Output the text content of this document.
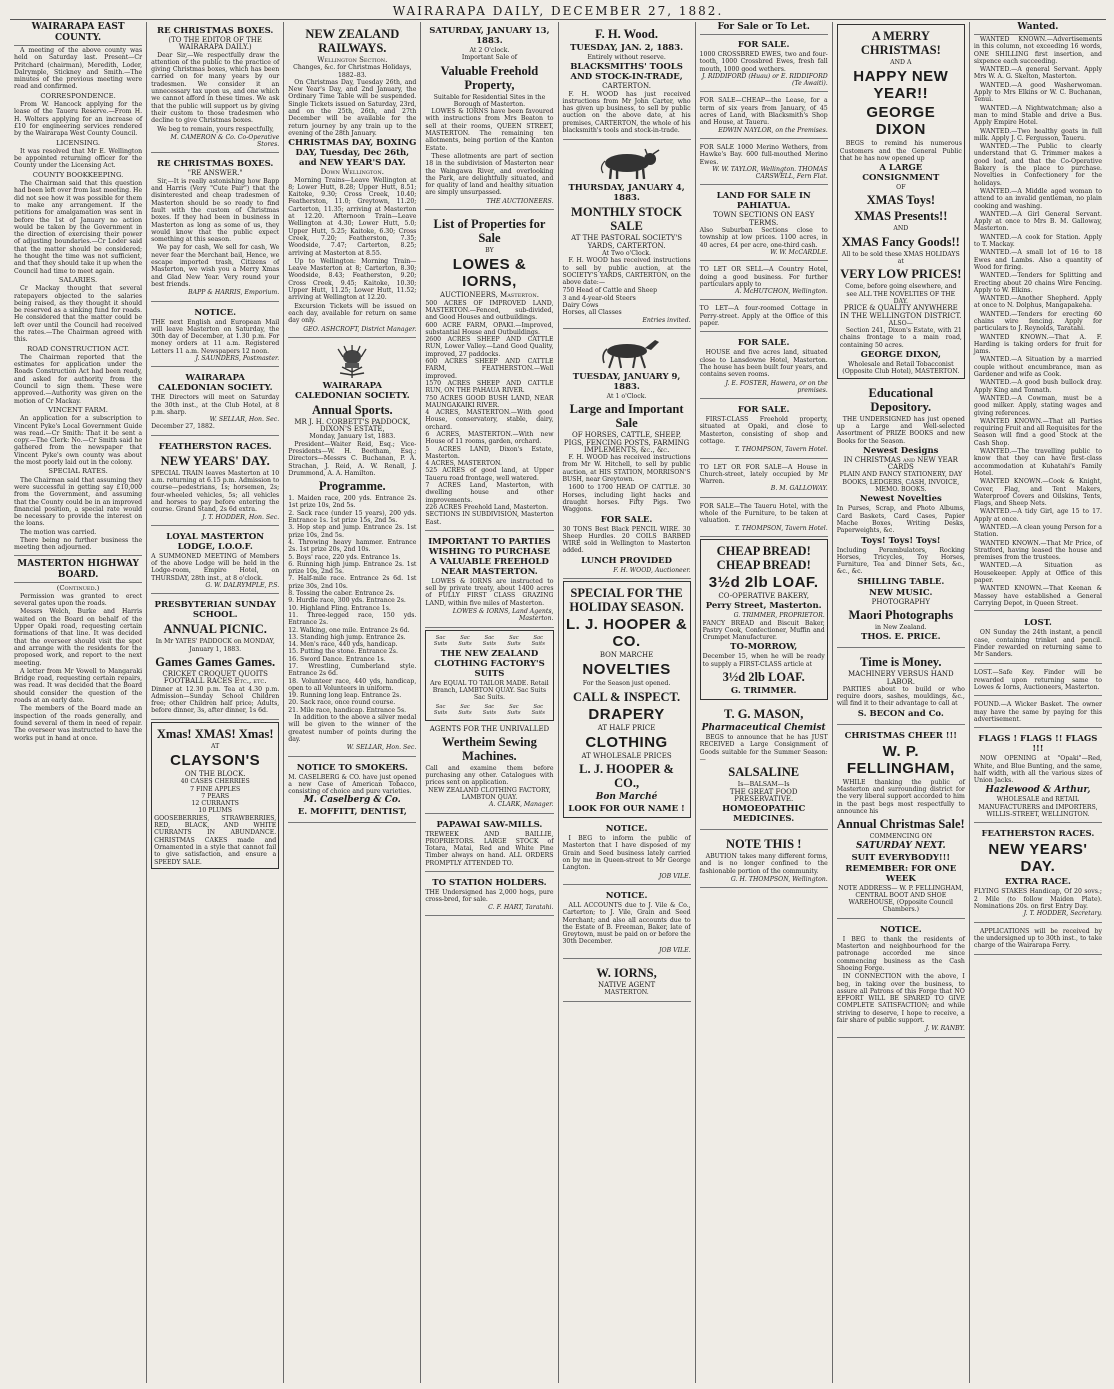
WAIRARAPA DAILY, DECEMBER 27, 1882.
WAIRARAPA EAST COUNTY.
A meeting of the above county was held on Saturday last. Present—Cr Pritchard (chairman), Meredith, Loder, Dalrymple, Stickney and Smith.—The minutes of the previous meeting were read and confirmed.
CORRESPONDENCE.
From W. Hancock applying for the lease of the Taueru Reserve.—From H. H. Wolters applying for an increase of £10 for engineering services rendered by the Wairarapa West County Council.
LICENSING.
It was resolved that Mr E. Wellington be appointed returning officer for the County under the Licensing Act.
COUNTY BOOKKEEPING.
The Chairman said that this question had been left over from last meeting. He did not see how it was possible for them to make any arrangement. If the petitions for amalgamation was sent in before the 1st of January no action would be taken by the Government in the direction of exercising their power of adjusting boundaries.—Cr Loder said that the matter should be considered; he thought the time was not sufficient, and that they should take it up when the Council had time to meet again.
SALARIES.
Cr Mackay thought that several ratepayers objected to the salaries being raised, as they thought it should be reserved as a sinking fund for roads. He considered that the matter could be left over until the Council had received the rates.—The Chairman agreed with this.
ROAD CONSTRUCTION ACT.
The Chairman reported that the estimates for application under the Roads Construction Act had been ready, and asked for authority from the Council to sign them. These were approved.—Authority was given on the motion of Cr Mackay.
VINCENT FARM.
An application for a subscription to Vincent Pyke's Local Government Guide was read.—Cr Smith: That it be sent a copy.—The Clerk: No.—Cr Smith said he gathered from the newspaper that Vincent Pyke's own county was about the most poorly laid out in the colony.
SPECIAL RATES.
The Chairman said that assuming they were successful in getting say £10,000 from the Government, and assuming that the County could be in an improved financial position, a special rate would be necessary to provide the interest on the loans.
The motion was carried.
There being no further business the meeting then adjourned.
MASTERTON HIGHWAY BOARD.
(Continued.)
Permission was granted to erect several gates upon the roads.
Messrs Welch, Burke and Harris waited on the Board on behalf of the Upper Opaki road, requesting certain formations of that line. It was decided that the overseer should visit the spot and arrange with the residents for the proposed work, and report to the next meeting.
A letter from Mr Vowell to Mangaraki Bridge road, requesting certain repairs, was read. It was decided that the Board should consider the question of the roads at an early date.
The members of the Board made an inspection of the roads generally, and found several of them in need of repair. The overseer was instructed to have the works put in hand at once.
RE CHRISTMAS BOXES.
(TO THE EDITOR OF THE WAIRARAPA DAILY.)
Dear Sir,—We respectfully draw the attention of the public to the practice of giving Christmas boxes, which has been carried on for many years by our tradesmen. We consider it an unnecessary tax upon us, and one which we cannot afford in these times. We ask that the public will support us by giving their custom to those tradesmen who decline to give Christmas boxes.
We beg to remain, yours respectfully,
M. CAMERON & Co. Co-Operative Stores.
RE CHRISTMAS BOXES.
"RE ANSWER."
Sir,—It is really astonishing how Bapp and Harris (Very "Cute Pair") that the disinterested and cheap tradesmen of Masterton should be so ready to find fault with the custom of Christmas boxes. If they had been in business in Masterton as long as some of us, they would know that the public expect something at this season.
We pay for cash, We sell for cash, We never fear the Merchant bail, Hence, we escape imported trash, Citizens of Masterton, we wish you a Merry Xmas and Glad New Year. Very round your best friends.
BAPP & HARRIS, Emporium.
NOTICE.
THE next English and European Mail will leave Masterton on Saturday, the 30th day of December, at 1.30 p.m. For money orders at 11 a.m. Registered Letters 11 a.m. Newspapers 12 noon.
J. SAUNDERS, Postmaster.
WAIRARAPA CALEDONIAN SOCIETY.
THE Directors will meet on Saturday the 30th inst., at the Club Hotel, at 8 p.m. sharp.
W. SELLAR, Hon. Sec.
December 27, 1882.
FEATHERSTON RACES.
NEW YEARS' DAY.
SPECIAL TRAIN leaves Masterton at 10 a.m. returning at 6.15 p.m. Admission to course—pedestrians, 1s; horsemen, 2s; four-wheeled vehicles, 5s; all vehicles and horses to pay before entering the course. Grand Stand, 2s 6d extra.
J. T. HODDER, Hon. Sec.
LOYAL MASTERTON LODGE, I.O.O.F.
A SUMMONED MEETING of Members of the above Lodge will be held in the Lodge-room, Empire Hotel, on THURSDAY, 28th inst., at 8 o'clock.
G. W. DALRYMPLE, P.S.
PRESBYTERIAN SUNDAY SCHOOL.
ANNUAL PICNIC.
In Mr YATES' PADDOCK on MONDAY, January 1, 1883.
Games Games Games.
CRICKET CROQUET QUOITS FOOTBALL RACES Etc., etc.
Dinner at 12.30 p.m. Tea at 4.30 p.m. Admission—Sunday School Children free; other Children half price; Adults, before dinner, 3s, after dinner, 1s 6d.
Xmas! XMAS! Xmas!
AT
CLAYSON'S
ON THE BLOCK.
40 CASES CHERRIES
7 FINE APPLES
7 PEARS
12 CURRANTS
10 PLUMS
GOOSEBERRIES, STRAWBERRIES, RED, BLACK, AND WHITE CURRANTS IN ABUNDANCE. CHRISTMAS CAKES made and Ornamented in a style that cannot fail to give satisfaction, and ensure a SPEEDY SALE.
NEW ZEALAND RAILWAYS.
Wellington Section.
Changes, &c. for Christmas Holidays, 1882–83.
On Christmas Day, Tuesday 26th, and New Year's Day, and 2nd January, the Ordinary Time Table will be suspended. Single Tickets issued on Saturday, 23rd, and on the 25th, 26th, and 27th December will be available for the return journey by any train up to the evening of the 28th January.
CHRISTMAS DAY, BOXING DAY, Tuesday, Dec 26th, and NEW YEAR'S DAY.
Down Wellington.
Morning Trains—Leave Wellington at 8; Lower Hutt, 8.28; Upper Hutt, 8.51; Kaitoke, 9.30; Cross Creek, 10.40; Featherston, 11.0; Greytown, 11.20; Carterton, 11.35; arriving at Masterton at 12.20. Afternoon Train—Leave Wellington at 4.30; Lower Hutt, 5.0; Upper Hutt, 5.25; Kaitoke, 6.30; Cross Creek, 7.20; Featherston, 7.35; Woodside, 7.47; Carterton, 8.25; arriving at Masterton at 8.55.
Up to Wellington: Morning Train—Leave Masterton at 8; Carterton, 8.30; Woodside, 8.43; Featherston, 9.20; Cross Creek, 9.45; Kaitoke, 10.30; Upper Hutt, 11.25; Lower Hutt, 11.52; arriving at Wellington at 12.20.
Excursion Tickets will be issued on each day, available for return on same day only.
GEO. ASHCROFT, District Manager.
WAIRARAPA CALEDONIAN SOCIETY.
Annual Sports.
MR J. H. CORBETT'S PADDOCK, DIXON'S ESTATE,
Monday, January 1st, 1883.
President—Waiter Reid, Esq.; Vice-Presidents—W. H. Beetham, Esq.; Directors—Messrs C. Buchanan, P. A. Strachan, J. Reid, A. W. Renall, J. Drummond, A. A. Hamilton.
Programme.
1. Maiden race, 200 yds. Entrance 2s. 1st prize 10s, 2nd 5s.
2. Sack race (under 15 years), 200 yds. Entrance 1s. 1st prize 15s, 2nd 5s.
3. Hop step and jump. Entrance 2s. 1st prize 10s, 2nd 5s.
4. Throwing heavy hammer. Entrance 2s. 1st prize 20s, 2nd 10s.
5. Boys' race, 220 yds. Entrance 1s.
6. Running high jump. Entrance 2s. 1st prize 10s, 2nd 5s.
7. Half-mile race. Entrance 2s 6d. 1st prize 30s, 2nd 10s.
8. Tossing the caber. Entrance 2s.
9. Hurdle race, 300 yds. Entrance 2s.
10. Highland Fling. Entrance 1s.
11. Three-legged race, 150 yds. Entrance 2s.
12. Walking, one mile. Entrance 2s 6d.
13. Standing high jump. Entrance 2s.
14. Men's race, 440 yds, handicap.
15. Putting the stone. Entrance 2s.
16. Sword Dance. Entrance 1s.
17. Wrestling, Cumberland style. Entrance 2s 6d.
18. Volunteer race, 440 yds, handicap, open to all Volunteers in uniform.
19. Running long leap. Entrance 2s.
20. Sack race, once round course.
21. Mile race, handicap. Entrance 5s.
In addition to the above a silver medal will be given to the winner of the greatest number of points during the day.
W. SELLAR, Hon. Sec.
NOTICE TO SMOKERS.
M. CASELBERG & CO. have just opened a new Case of American Tobacco, consisting of choice and pure varieties.
M. Caselberg & Co.
E. MOFFITT, DENTIST,
SATURDAY, JANUARY 13, 1883.
At 2 O'clock.
Important Sale of
Valuable Freehold Property,
Suitable for Residential Sites in the Borough of Masterton.
LOWES & IORNS have been favoured with instructions from Mrs Beaton to sell at their rooms, QUEEN STREET, MASTERTON. The remaining ten allotments, being portion of the Kanton Estate.
These allotments are part of section 18 in the subdivision of Masterton near the Waingawa River, and overlooking the Park, are delightfully situated, and for quality of land and healthy situation are simply unsurpassed.
THE AUCTIONEERS.
List of Properties for Sale
BY
LOWES & IORNS,
AUCTIONEERS, Masterton.
500 ACRES OF IMPROVED LAND, MASTERTON.—Fenced, sub-divided, and Good Houses and outbuildings.
600 ACRE FARM, OPAKI.—Improved, substantial House and Outbuildings.
2600 ACRES SHEEP AND CATTLE RUN, Lower Valley.—Land Good Quality, improved, 27 paddocks.
600 ACRES SHEEP AND CATTLE FARM, FEATHERSTON.—Well improved.
1570 ACRES SHEEP AND CATTLE RUN, ON THE PAHAUA RIVER.
750 ACRES GOOD BUSH LAND, NEAR MAUNGAKAIKI RIVER.
4 ACRES, MASTERTON.—With good House, conservatory, stable, dairy, orchard.
6 ACRES, MASTERTON.—With new House of 11 rooms, garden, orchard.
5 ACRES LAND, Dixon's Estate, Masterton.
4 ACRES, MASTERTON.
525 ACRES of good land, at Upper Taueru road frontage, well watered.
7 ACRES Land, Masterton, with dwelling house and other improvements.
226 ACRES Freehold Land, Masterton.
SECTIONS IN SUBDIVISION, Masterton East.
IMPORTANT TO PARTIES WISHING TO PURCHASE A VALUABLE FREEHOLD NEAR MASTERTON.
LOWES & IORNS are instructed to sell by private treaty, about 1400 acres of FULLY FIRST CLASS GRAZING LAND, within five miles of Masterton.
LOWES & IORNS, Land Agents, Masterton.
Sac Suits
Sac Suits
Sac Suits
Sac Suits
Sac Suits
THE NEW ZEALAND CLOTHING FACTORY'S SUITS
Are EQUAL TO TAILOR MADE. Retail Branch, LAMBTON QUAY. Sac Suits Sac Suits.
Sac Suits
Sac Suits
Sac Suits
Sac Suits
Sac Suits
AGENTS FOR THE UNRIVALLED
Wertheim Sewing Machines.
Call and examine them before purchasing any other. Catalogues with prices sent on application.
NEW ZEALAND CLOTHING FACTORY, LAMBTON QUAY.
A. CLARK, Manager.
PAPAWAI SAW-MILLS.
TREWEEK AND BAILLIE, PROPRIETORS. LARGE STOCK of Totara, Matai, Red and White Pine Timber always on hand. ALL ORDERS PROMPTLY ATTENDED TO.
TO STATION HOLDERS.
THE Undersigned has 2,000 hogs, pure cross-bred, for sale.
C. F. HART, Taratahi.
F. H. Wood.
TUESDAY, JAN. 2, 1883.
Entirely without reserve.
BLACKSMITHS' TOOLS AND STOCK-IN-TRADE,
CARTERTON.
F. H. WOOD has just received instructions from Mr John Carter, who has given up business, to sell by public auction on the above date, at his premises, CARTERTON, the whole of his blacksmith's tools and stock-in-trade.
THURSDAY, JANUARY 4, 1883.
MONTHLY STOCK SALE
AT THE PASTORAL SOCIETY'S YARDS, CARTERTON.
At Two o'Clock.
F. H. WOOD has received instructions to sell by public auction, at the SOCIETY'S YARDS, CARTERTON, on the above date:—
750 Head of Cattle and Sheep
3 and 4-year-old Steers
Dairy Cows
Horses, all Classes
Entries invited.
TUESDAY, JANUARY 9, 1883.
At 1 o'Clock.
Large and Important Sale
OF HORSES, CATTLE, SHEEP, PIGS, FENCING POSTS, FARMING IMPLEMENTS, &c., &c.
F. H. WOOD has received instructions from Mr W. Hitchell, to sell by public auction, at HIS STATION, MORRISON'S BUSH, near Greytown.
1600 to 1700 HEAD OF CATTLE. 30 Horses, including light hacks and draught horses. Fifty Pigs. Two Waggons.
FOR SALE.
30 TONS Best Black PENCIL WIRE. 30 Sheep Hurdles. 20 COILS BARBED WIRE sold in Wellington to Masterton added.
LUNCH PROVIDED
F. H. WOOD, Auctioneer.
SPECIAL FOR THE HOLIDAY SEASON.
L. J. HOOPER & CO.
BON MARCHE
NOVELTIES
For the Season just opened.
CALL & INSPECT.
DRAPERY
AT HALF PRICE
CLOTHING
AT WHOLESALE PRICES
L. J. HOOPER & CO.,
Bon Marché
LOOK FOR OUR NAME !
NOTICE.
I BEG to inform the public of Masterton that I have disposed of my Grain and Seed business lately carried on by me in Queen-street to Mr George Langton.
JOB VILE.
NOTICE.
ALL ACCOUNTS due to J. Vile & Co., Carterton; to J. Vile, Grain and Seed Merchant; and also all accounts due to the Estate of B. Freeman, Baker, late of Greytown, must be paid on or before the 30th December.
JOB VILE.
W. IORNS,
NATIVE AGENT
MASTERTON.
For Sale or To Let.
FOR SALE.
1000 CROSSBRED EWES, two and four-tooth, 1000 Crossbred Ewes, fresh fall mouth, 1000 good wethers.
J. RIDDIFORD (Huau) or E. RIDDIFORD (Te Awaiti).
FOR SALE—CHEAP—the Lease, for a term of six years from January, of 45 acres of Land, with Blacksmith's Shop and House, at Taueru.
EDWIN NAYLOR, on the Premises.
FOR SALE 1000 Merino Wethers, from Hawke's Bay. 600 full-mouthed Merino Ewes.
W. W. TAYLOR, Wellington. THOMAS CARSWELL, Fern Flat.
LAND FOR SALE IN PAHIATUA.
TOWN SECTIONS ON EASY TERMS.
Also Suburban Sections close to township at low prices. 1100 acres, in 40 acres, £4 per acre, one-third cash.
W. W. McCARDLE.
TO LET OR SELL—A Country Hotel, doing a good business. For further particulars apply to
A. McHUTCHON, Wellington.
TO LET—A four-roomed Cottage in Perry-street. Apply at the Office of this paper.
FOR SALE.
HOUSE and five acres land, situated close to Lansdowne Hotel, Masterton. The house has been built four years, and contains seven rooms.
J. E. FOSTER, Hawera, or on the premises.
FOR SALE.
FIRST-CLASS Freehold property, situated at Opaki, and close to Masterton, consisting of shop and cottage.
T. THOMPSON, Tavern Hotel.
TO LET OR FOR SALE—A House in Church-street, lately occupied by Mr Warren.
B. M. GALLOWAY.
FOR SALE—The Taueru Hotel, with the whole of the Furniture, to be taken at valuation.
T. THOMPSON, Tavern Hotel.
CHEAP BREAD! CHEAP BREAD!
3½d 2lb LOAF.
CO-OPERATIVE BAKERY,
Perry Street, Masterton.
G. TRIMMER, PROPRIETOR.
FANCY BREAD and Biscuit Baker, Pastry Cook, Confectioner, Muffin and Crumpet Manufacturer.
TO-MORROW,
December 15, when he will be ready to supply a FIRST-CLASS article at
3½d 2lb LOAF.
G. TRIMMER.
T. G. MASON,
Pharmaceutical Chemist
BEGS to announce that he has JUST RECEIVED a Large Consignment of Goods suitable for the Summer Season:—
SALSALINE
Is—BALSAM—Is
THE GREAT FOOD PRESERVATIVE.
HOMOEOPATHIC MEDICINES.
NOTE THIS !
ABUTION takes many different forms, and is no longer confined to the fashionable portion of the community.
G. H. THOMPSON, Wellington.
A MERRY CHRISTMAS!
AND A
HAPPY NEW YEAR!!
GEORGE DIXON
BEGS to remind his numerous Customers and the General Public that he has now opened up
A LARGE CONSIGNMENT
OF
XMAS Toys!
XMAS Presents!!
AND
XMAS Fancy Goods!!
All to be sold these XMAS HOLIDAYS at
VERY LOW PRICES!
Come, before going elsewhere, and see ALL THE NOVELTIES OF THE DAY.
PRICE & QUALITY ANYWHERE IN THE WELLINGTON DISTRICT.
ALSO—
Section 241, Dixon's Estate, with 21 chains frontage to a main road, containing 50 acres.
GEORGE DIXON,
Wholesale and Retail Tobacconist (Opposite Club Hotel), MASTERTON.
Educational Depository.
THE UNDERSIGNED has just opened up a Large and Well-selected Assortment of PRIZE BOOKS and new Books for the Season.
Newest Designs
IN CHRISTMAS and NEW YEAR CARDS
PLAIN AND FANCY STATIONERY, DAY BOOKS, LEDGERS, CASH, INVOICE, MEMO. BOOKS.
Newest Novelties
In Purses, Scrap, and Photo Albums, Card Baskets, Card Cases, Papier Mache Boxes, Writing Desks, Paperweights, &c.
Toys! Toys! Toys!
Including Perambulators, Rocking Horses, Tricycles, Toy Horses, Furniture, Tea and Dinner Sets, &c., &c., &c.
SHILLING TABLE.
NEW MUSIC.
PHOTOGRAPHY
Maori Photographs
in New Zealand.
THOS. E. PRICE.
Time is Money.
MACHINERY VERSUS HAND LABOR.
PARTIES about to build or who require doors, sashes, mouldings, &c., will find it to their advantage to call at
S. BECON and Co.
CHRISTMAS CHEER !!!
W. P. FELLINGHAM,
WHILE thanking the public of Masterton and surrounding district for the very liberal support accorded to him in the past begs most respectfully to announce his
Annual Christmas Sale!
COMMENCING ON
SATURDAY NEXT.
SUIT EVERYBODY!!!
REMEMBER: FOR ONE WEEK
NOTE ADDRESS— W. P. FELLINGHAM, CENTRAL BOOT AND SHOE WAREHOUSE, (Opposite Council Chambers.)
NOTICE.
I BEG to thank the residents of Masterton and neighbourhood for the patronage accorded me since commencing business as the Cash Shoeing Forge.
IN CONNECTION with the above, I beg, in taking over the business, to assure all Patrons of this Forge that NO EFFORT WILL BE SPARED TO GIVE COMPLETE SATISFACTION; and while striving to deserve, I hope to receive, a fair share of public support.
J. W. RANBY.
Wanted.
WANTED KNOWN.—Advertisements in this column, not exceeding 16 words, ONE SHILLING first insertion, and sixpence each succeeding.
WANTED.—A general Servant. Apply Mrs W. A. G. Skelton, Masterton.
WANTED.—A good Washerwoman. Apply to Mrs Elkins or W. C. Buchanan, Tenui.
WANTED.—A Nightwatchman; also a man to mind Stable and drive a Bus. Apply Empire Hotel.
WANTED.—Two healthy goats in full milk. Apply J. C. Fergusson, Taueru.
WANTED.—The Public to clearly understand that G. Trimmer makes a good loaf, and that the Co-Operative Bakery is the place to purchase. Novelties in Confectionery for the holidays.
WANTED.—A Middle aged woman to attend to an invalid gentleman, no plain cooking and washing.
WANTED.—A Girl General Servant. Apply at once to Mrs B. M. Galloway, Masterton.
WANTED.—A cook for Station. Apply to T. Mackay.
WANTED.—A small lot of 16 to 18 Ewes and Lambs. Also a quantity of Wood for firing.
WANTED.—Tenders for Splitting and Erecting about 20 chains Wire Fencing. Apply to W. Elkins.
WANTED.—Another Shepherd. Apply at once to N. Dolphus, Mangapakeha.
WANTED.—Tenders for erecting 60 chains wire fencing. Apply for particulars to J. Reynolds, Taratahi.
WANTED KNOWN.—That A. F. Harding is taking orders for fruit for jams.
WANTED.—A Situation by a married couple without encumbrance, man as Gardener and wife as Cook.
WANTED.—A good bush bullock dray. Apply King and Tonnath.
WANTED.—A Cowman, must be a good milker. Apply, stating wages and giving references.
WANTED KNOWN.—That all Parties requiring Fruit and all Requisites for the Season will find a good Stock at the Cash Shop.
WANTED.—The travelling public to know that they can have first-class accommodation at Kuhatahi's Family Hotel.
WANTED KNOWN.—Cook & Knight, Cover, Flag, and Tent Makers, Waterproof Covers and Oilskins, Tents, Flags, and Sheep Nets.
WANTED.—A tidy Girl, age 15 to 17. Apply at once.
WANTED.—A clean young Person for a Station.
WANTED KNOWN.—That Mr Price, of Stratford, having leased the house and premises from the trustees.
WANTED.—A Situation as Housekeeper. Apply at Office of this paper.
WANTED KNOWN.—That Keenan & Massey have established a General Carrying Depot, in Queen Street.
LOST.
ON Sunday the 24th instant, a pencil case, containing trinket and pencil. Finder rewarded on returning same to Mr Sanders.
LOST.—Safe Key. Finder will be rewarded upon returning same to Lowes & Iorns, Auctioneers, Masterton.
FOUND.—A Wicker Basket. The owner may have the same by paying for this advertisement.
FLAGS ! FLAGS !! FLAGS !!!
NOW OPENING at "Opaki"—Red, White, and Blue Bunting, and the same, half width, with all the various sizes of Union Jacks.
Hazlewood & Arthur,
WHOLESALE and RETAIL MANUFACTURERS and IMPORTERS, WILLIS-STREET, WELLINGTON.
FEATHERSTON RACES.
NEW YEARS' DAY.
EXTRA RACE.
FLYING STAKES Handicap, Of 20 sovs.; 2 Mile (to follow Maiden Plate). Nominations 20s. on first Entry Day.
J. T. HODDER, Secretary.
APPLICATIONS will be received by the undersigned up to 30th inst., to take charge of the Wairarapa Ferry.
